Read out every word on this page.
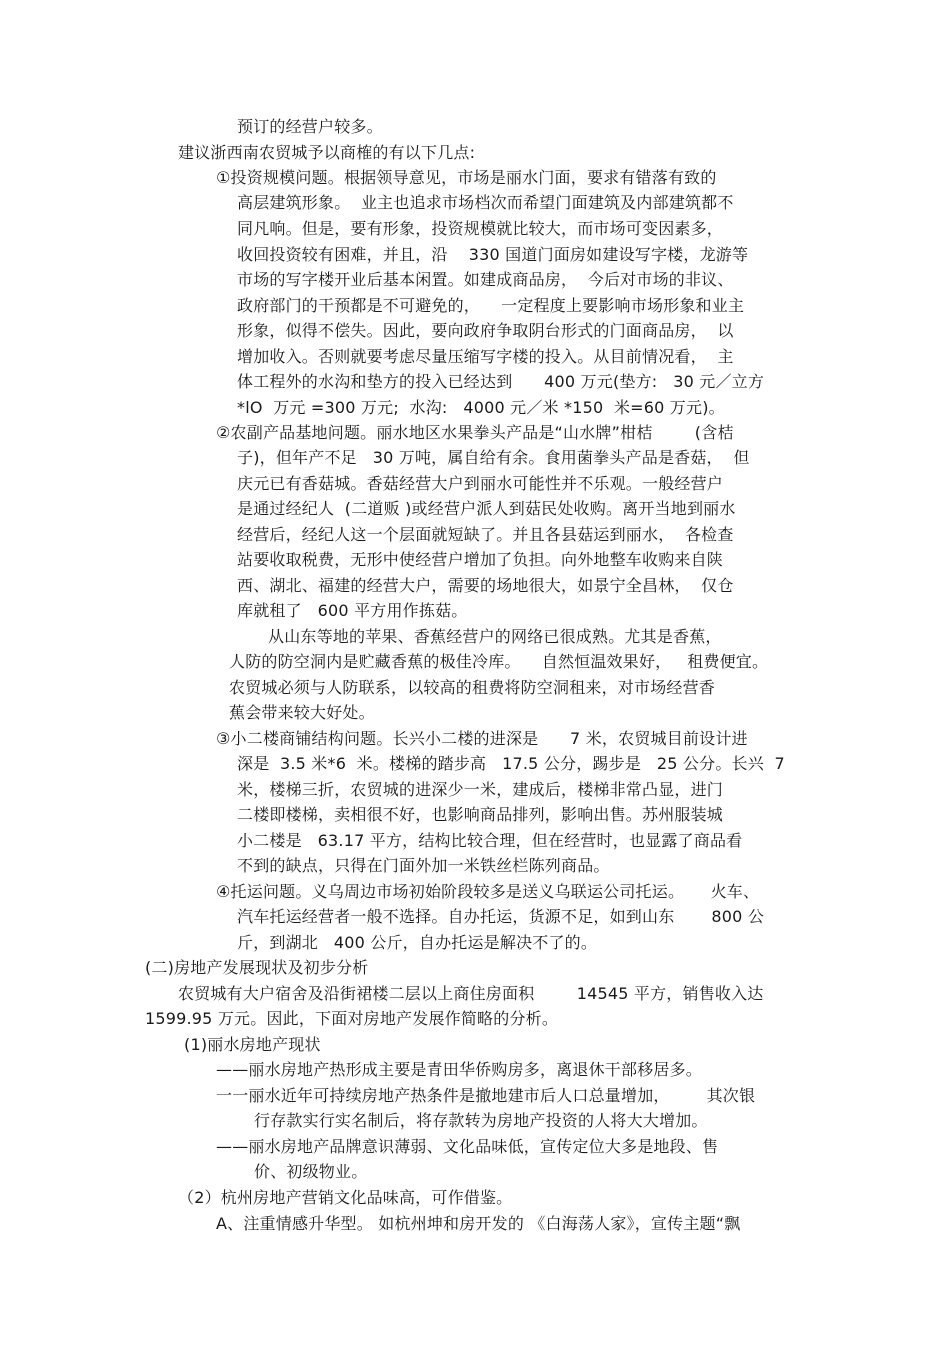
预订的经营户较多。
建议浙西南农贸城予以商榷的有以下几点:
①投资规模问题。根据领导意见，市场是丽水门面，要求有错落有致的
高层建筑形象。  业主也追求市场档次而希望门面建筑及内部建筑都不
同凡响。但是，要有形象，投资规模就比较大，而市场可变因素多，
收回投资较有困难，并且，沿    330 国道门面房如建设写字楼，龙游等
市场的写字楼开业后基本闲置。如建成商品房，  今后对市场的非议、
政府部门的干预都是不可避免的，    一定程度上要影响市场形象和业主
形象，似得不偿失。因此，要向政府争取阴台形式的门面商品房，  以
增加收入。否则就要考虑尽量压缩写字楼的投入。从目前情况看，  主
体工程外的水沟和垫方的投入已经达到      400 万元(垫方:   30 元／立方
*lO  万元 =300 万元;  水沟:   4000 元／米 *150  米=60 万元)。
②农副产品基地问题。丽水地区水果拳头产品是“山水牌”柑桔        (含桔
子)，但年产不足   30 万吨，属自给有余。食用菌拳头产品是香菇，  但
庆元已有香菇城。香菇经营大户到丽水可能性并不乐观。一般经营户
是通过经纪人  (二道贩 )或经营户派人到菇民处收购。离开当地到丽水
经营后，经纪人这一个层面就短缺了。并且各县菇运到丽水，  各检查
站要收取税费，无形中使经营户增加了负担。向外地整车收购来自陕
西、湖北、福建的经营大户，需要的场地很大，如景宁全昌林，  仅仓
库就租了   600 平方用作拣菇。
从山东等地的苹果、香蕉经营户的网络已很成熟。尤其是香蕉，
人防的防空洞内是贮藏香蕉的极佳冷库。    自然恒温效果好，   租费便宜。
农贸城必须与人防联系，以较高的租费将防空洞租来，对市场经营香
蕉会带来较大好处。
③小二楼商铺结构问题。长兴小二楼的进深是      7 米，农贸城目前设计进
深是  3.5 米*6  米。楼梯的踏步高   17.5 公分，踢步是   25 公分。长兴  7
米，楼梯三折，农贸城的进深少一米，建成后，楼梯非常凸显，进门
二楼即楼梯，卖相很不好，也影响商品排列，影响出售。苏州服装城
小二楼是   63.17 平方，结构比较合理，但在经营时，也显露了商品看
不到的缺点，只得在门面外加一米铁丝栏陈列商品。
④托运问题。义乌周边市场初始阶段较多是送义乌联运公司托运。     火车、
汽车托运经营者一般不选择。自办托运，货源不足，如到山东       800 公
斤，到湖北   400 公斤，自办托运是解决不了的。
(二)房地产发展现状及初步分析
农贸城有大户宿舍及沿街裙楼二层以上商住房面积        14545 平方，销售收入达
1599.95 万元。因此，下面对房地产发展作简略的分析。
(1)丽水房地产现状
——丽水房地产热形成主要是青田华侨购房多，离退休干部移居多。
一一丽水近年可持续房地产热条件是撤地建市后人口总量增加，       其次银
行存款实行实名制后，将存款转为房地产投资的人将大大增加。
——丽水房地产品牌意识薄弱、文化品味低，宣传定位大多是地段、售
价、初级物业。
（2）杭州房地产营销文化品味高，可作借鉴。
A、注重情感升华型。 如杭州坤和房开发的 《白海荡人家》，宣传主题“飘
